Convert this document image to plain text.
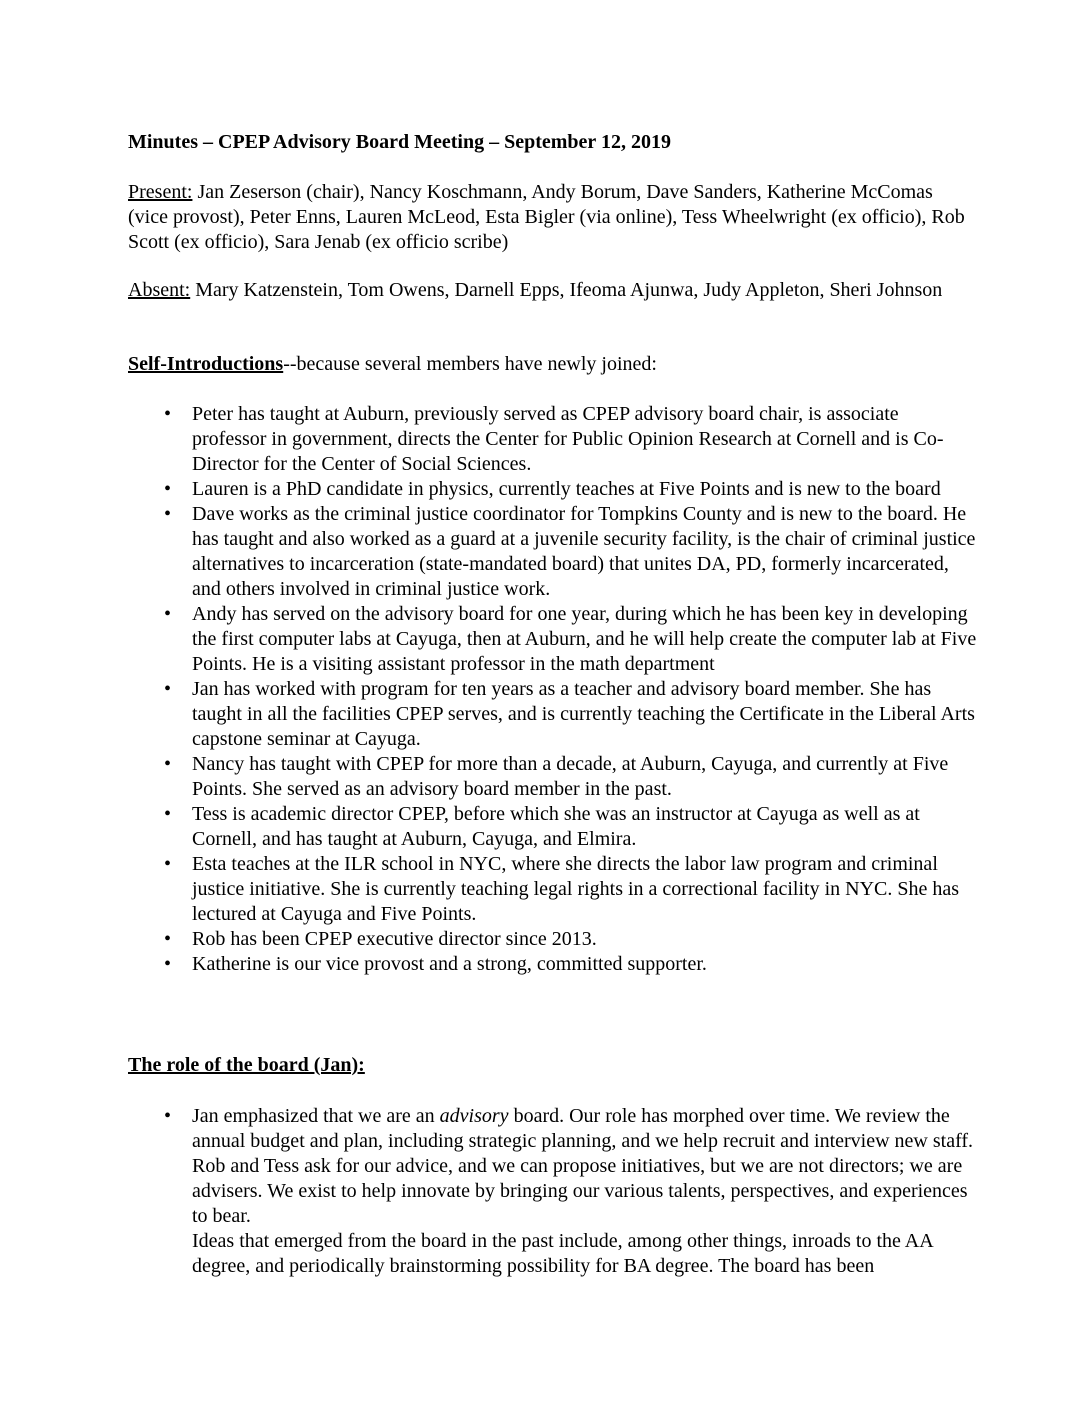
Minutes – CPEP Advisory Board Meeting – September 12, 2019

Present: Jan Zeserson (chair), Nancy Koschmann, Andy Borum, Dave Sanders, Katherine McComas (vice provost), Peter Enns, Lauren McLeod, Esta Bigler (via online), Tess Wheelwright (ex officio), Rob Scott (ex officio), Sara Jenab (ex officio scribe)

Absent: Mary Katzenstein, Tom Owens, Darnell Epps, Ifeoma Ajunwa, Judy Appleton, Sheri Johnson

Self-Introductions--because several members have newly joined:

• Peter has taught at Auburn, previously served as CPEP advisory board chair, is associate professor in government, directs the Center for Public Opinion Research at Cornell and is Co-Director for the Center of Social Sciences.
• Lauren is a PhD candidate in physics, currently teaches at Five Points and is new to the board
• Dave works as the criminal justice coordinator for Tompkins County and is new to the board. He has taught and also worked as a guard at a juvenile security facility, is the chair of criminal justice alternatives to incarceration (state-mandated board) that unites DA, PD, formerly incarcerated, and others involved in criminal justice work.
• Andy has served on the advisory board for one year, during which he has been key in developing the first computer labs at Cayuga, then at Auburn, and he will help create the computer lab at Five Points. He is a visiting assistant professor in the math department
• Jan has worked with program for ten years as a teacher and advisory board member. She has taught in all the facilities CPEP serves, and is currently teaching the Certificate in the Liberal Arts capstone seminar at Cayuga.
• Nancy has taught with CPEP for more than a decade, at Auburn, Cayuga, and currently at Five Points. She served as an advisory board member in the past.
• Tess is academic director CPEP, before which she was an instructor at Cayuga as well as at Cornell, and has taught at Auburn, Cayuga, and Elmira.
• Esta teaches at the ILR school in NYC, where she directs the labor law program and criminal justice initiative. She is currently teaching legal rights in a correctional facility in NYC. She has lectured at Cayuga and Five Points.
• Rob has been CPEP executive director since 2013.
• Katherine is our vice provost and a strong, committed supporter.

The role of the board (Jan):

• Jan emphasized that we are an advisory board. Our role has morphed over time. We review the annual budget and plan, including strategic planning, and we help recruit and interview new staff. Rob and Tess ask for our advice, and we can propose initiatives, but we are not directors; we are advisers. We exist to help innovate by bringing our various talents, perspectives, and experiences to bear.
Ideas that emerged from the board in the past include, among other things, inroads to the AA degree, and periodically brainstorming possibility for BA degree. The board has been
